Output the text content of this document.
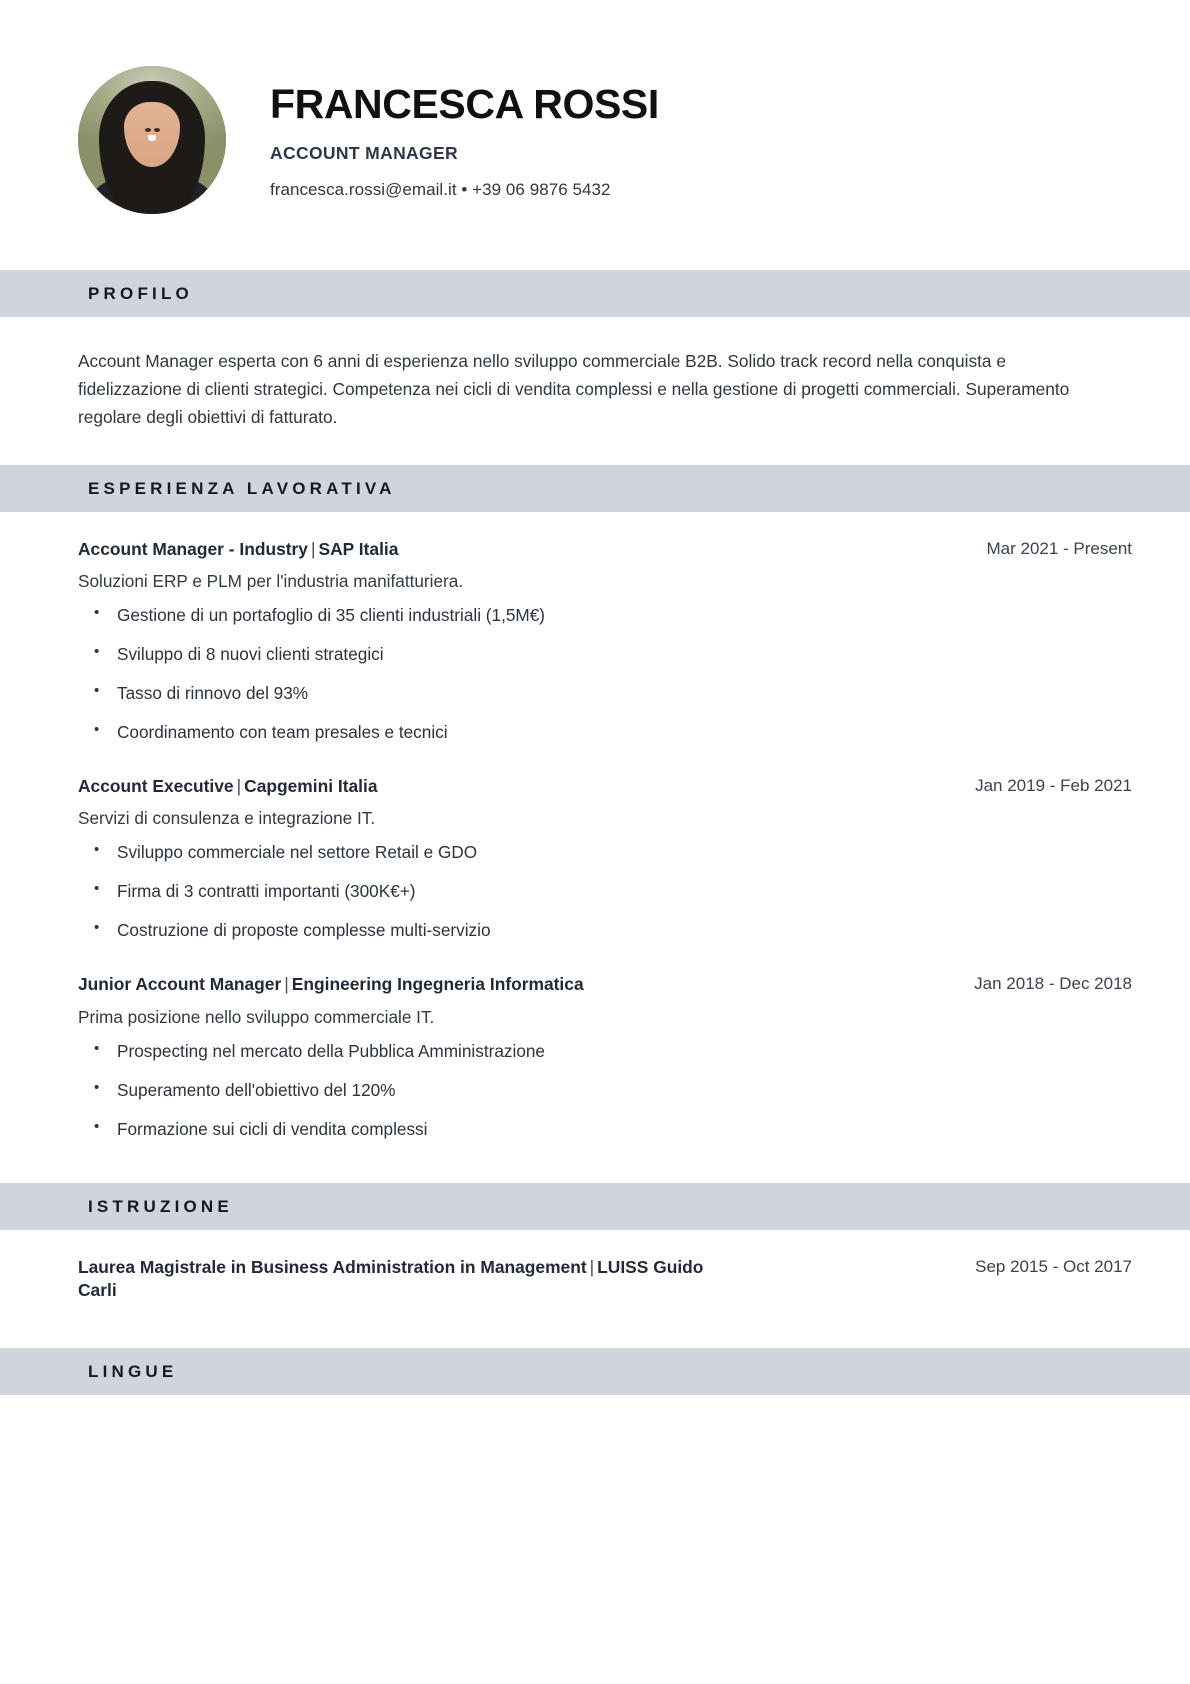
FRANCESCA ROSSI
ACCOUNT MANAGER
francesca.rossi@email.it • +39 06 9876 5432
PROFILO
Account Manager esperta con 6 anni di esperienza nello sviluppo commerciale B2B. Solido track record nella conquista e fidelizzazione di clienti strategici. Competenza nei cicli di vendita complessi e nella gestione di progetti commerciali. Superamento regolare degli obiettivi di fatturato.
ESPERIENZA LAVORATIVA
Account Manager - Industry | SAP Italia	Mar 2021 - Present
Soluzioni ERP e PLM per l'industria manifatturiera.
• Gestione di un portafoglio di 35 clienti industriali (1,5M€)
• Sviluppo di 8 nuovi clienti strategici
• Tasso di rinnovo del 93%
• Coordinamento con team presales e tecnici
Account Executive | Capgemini Italia	Jan 2019 - Feb 2021
Servizi di consulenza e integrazione IT.
• Sviluppo commerciale nel settore Retail e GDO
• Firma di 3 contratti importanti (300K€+)
• Costruzione di proposte complesse multi-servizio
Junior Account Manager | Engineering Ingegneria Informatica	Jan 2018 - Dec 2018
Prima posizione nello sviluppo commerciale IT.
• Prospecting nel mercato della Pubblica Amministrazione
• Superamento dell'obiettivo del 120%
• Formazione sui cicli di vendita complessi
ISTRUZIONE
Laurea Magistrale in Business Administration in Management | LUISS Guido Carli
Sep 2015 - Oct 2017
LINGUE
